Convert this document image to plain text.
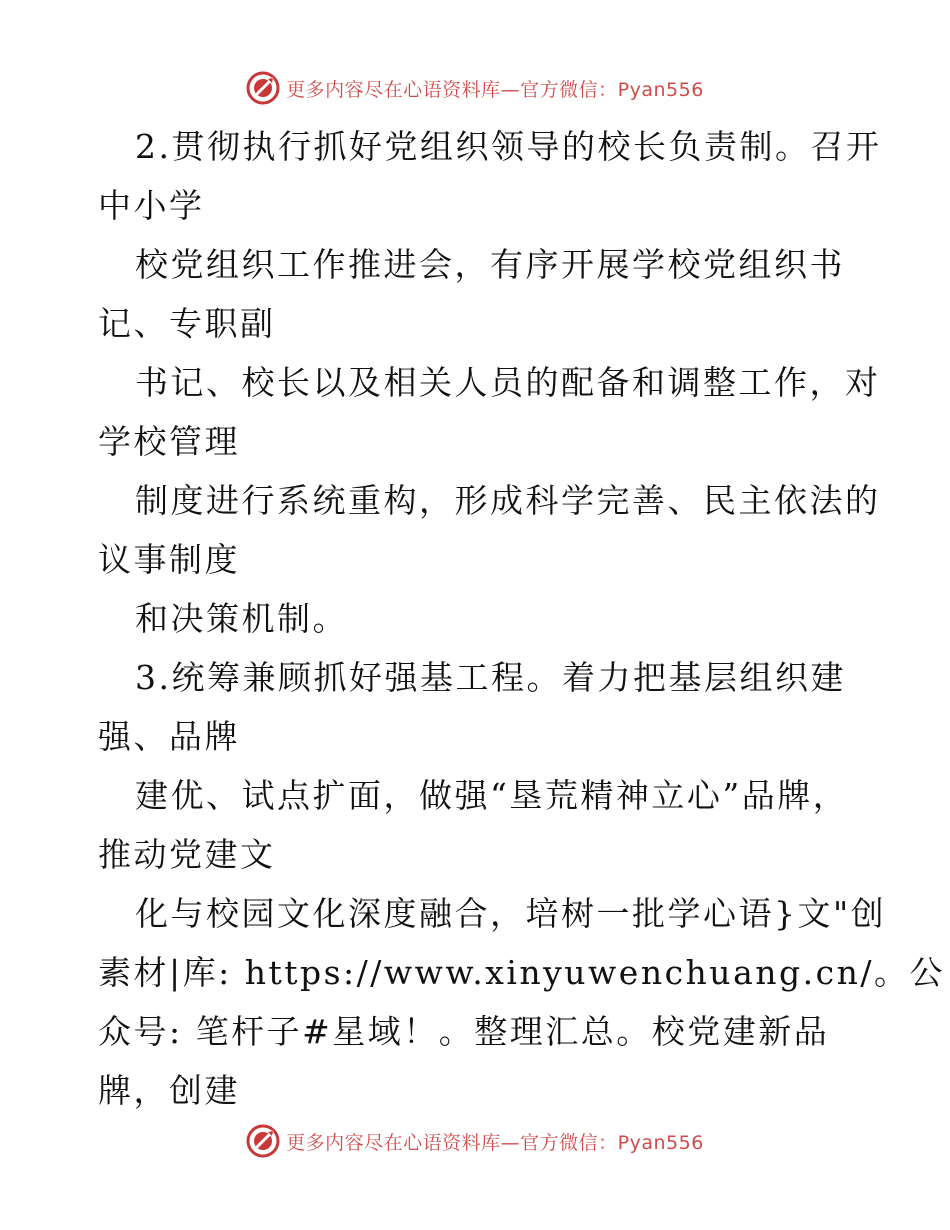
更多内容尽在心语资料库—官方微信：Pyan556
2.贯彻执行抓好党组织领导的校长负责制。召开
中小学
校党组织工作推进会，有序开展学校党组织书
记、专职副
书记、校长以及相关人员的配备和调整工作，对
学校管理
制度进行系统重构，形成科学完善、民主依法的
议事制度
和决策机制。
3.统筹兼顾抓好强基工程。着力把基层组织建
强、品牌
建优、试点扩面，做强“垦荒精神立心”品牌，
推动党建文
化与校园文化深度融合，培树一批学心语}文"创
素材|库: https://www.xinyuwenchuang.cn/。公
众号: 笔杆子#星域！。整理汇总。校党建新品
牌，创建
更多内容尽在心语资料库—官方微信：Pyan556
